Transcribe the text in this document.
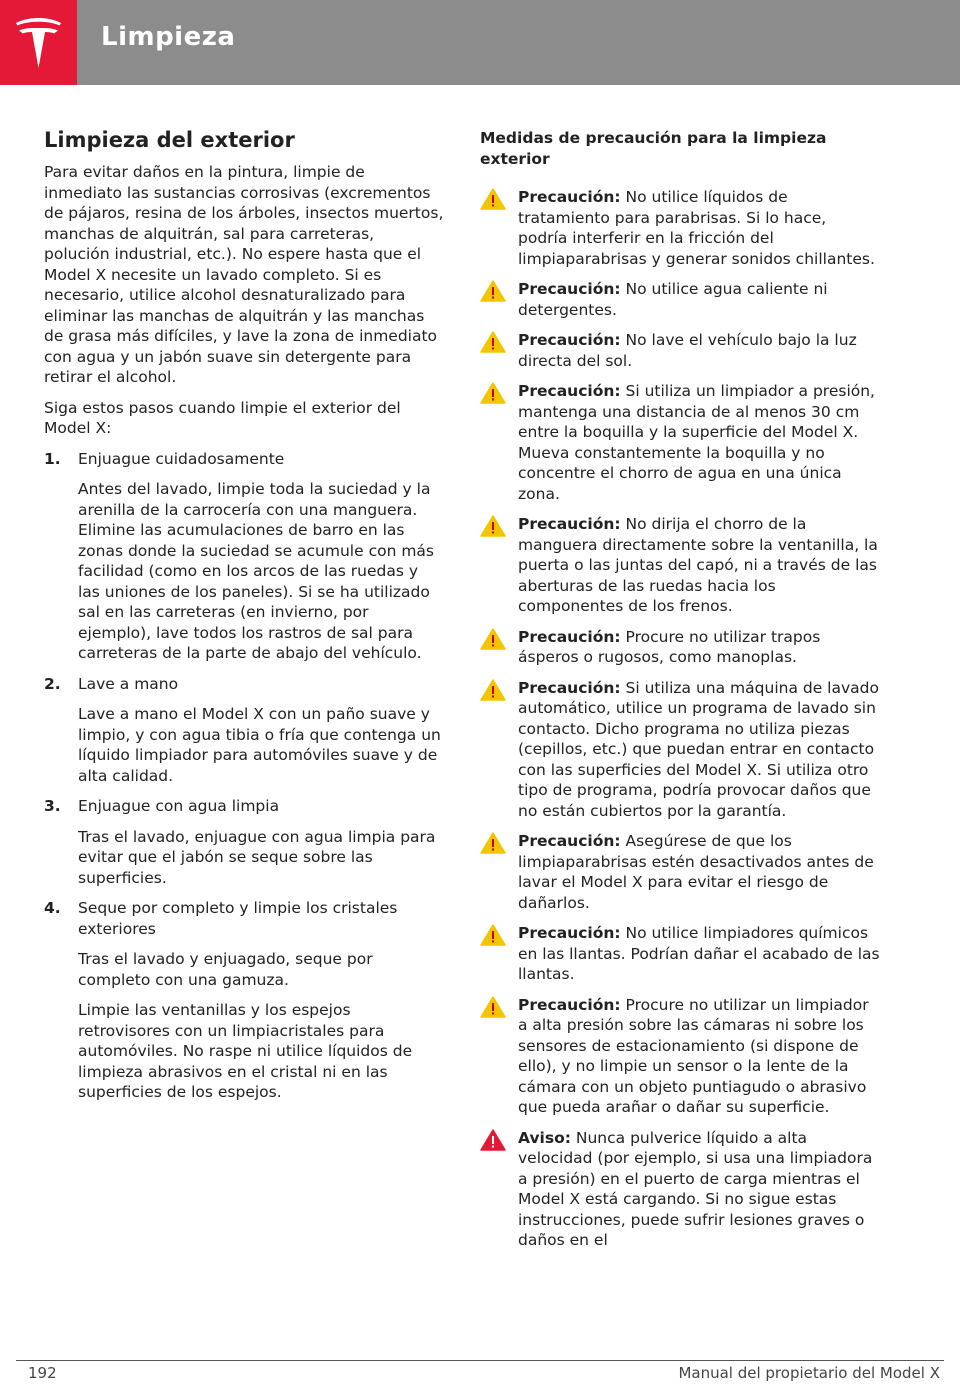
Limpieza
Limpieza del exterior

Para evitar daños en la pintura, limpie de inmediato las sustancias corrosivas (excrementos de pájaros, resina de los árboles, insectos muertos, manchas de alquitrán, sal para carreteras, polución industrial, etc.). No espere hasta que el Model X necesite un lavado completo. Si es necesario, utilice alcohol desnaturalizado para eliminar las manchas de alquitrán y las manchas de grasa más difíciles, y lave la zona de inmediato con agua y un jabón suave sin detergente para retirar el alcohol.

Siga estos pasos cuando limpie el exterior del Model X:

1. Enjuague cuidadosamente

Antes del lavado, limpie toda la suciedad y la arenilla de la carrocería con una manguera. Elimine las acumulaciones de barro en las zonas donde la suciedad se acumule con más facilidad (como en los arcos de las ruedas y las uniones de los paneles). Si se ha utilizado sal en las carreteras (en invierno, por ejemplo), lave todos los rastros de sal para carreteras de la parte de abajo del vehículo.

2. Lave a mano

Lave a mano el Model X con un paño suave y limpio, y con agua tibia o fría que contenga un líquido limpiador para automóviles suave y de alta calidad.

3. Enjuague con agua limpia

Tras el lavado, enjuague con agua limpia para evitar que el jabón se seque sobre las superficies.

4. Seque por completo y limpie los cristales exteriores

Tras el lavado y enjuagado, seque por completo con una gamuza.

Limpie las ventanillas y los espejos retrovisores con un limpiacristales para automóviles. No raspe ni utilice líquidos de limpieza abrasivos en el cristal ni en las superficies de los espejos.

Medidas de precaución para la limpieza exterior
Precaución: No utilice líquidos de tratamiento para parabrisas. Si lo hace, podría interferir en la fricción del limpiaparabrisas y generar sonidos chillantes.
Precaución: No utilice agua caliente ni detergentes.
Precaución: No lave el vehículo bajo la luz directa del sol.
Precaución: Si utiliza un limpiador a presión, mantenga una distancia de al menos 30 cm entre la boquilla y la superficie del Model X. Mueva constantemente la boquilla y no concentre el chorro de agua en una única zona.
Precaución: No dirija el chorro de la manguera directamente sobre la ventanilla, la puerta o las juntas del capó, ni a través de las aberturas de las ruedas hacia los componentes de los frenos.
Precaución: Procure no utilizar trapos ásperos o rugosos, como manoplas.
Precaución: Si utiliza una máquina de lavado automático, utilice un programa de lavado sin contacto. Dicho programa no utiliza piezas (cepillos, etc.) que puedan entrar en contacto con las superficies del Model X. Si utiliza otro tipo de programa, podría provocar daños que no están cubiertos por la garantía.
Precaución: Asegúrese de que los limpiaparabrisas estén desactivados antes de lavar el Model X para evitar el riesgo de dañarlos.
Precaución: No utilice limpiadores químicos en las llantas. Podrían dañar el acabado de las llantas.
Precaución: Procure no utilizar un limpiador a alta presión sobre las cámaras ni sobre los sensores de estacionamiento (si dispone de ello), y no limpie un sensor o la lente de la cámara con un objeto puntiagudo o abrasivo que pueda arañar o dañar su superficie.
Aviso: Nunca pulverice líquido a alta velocidad (por ejemplo, si usa una limpiadora a presión) en el puerto de carga mientras el Model X está cargando. Si no sigue estas instrucciones, puede sufrir lesiones graves o daños en el
192	Manual del propietario del Model X
